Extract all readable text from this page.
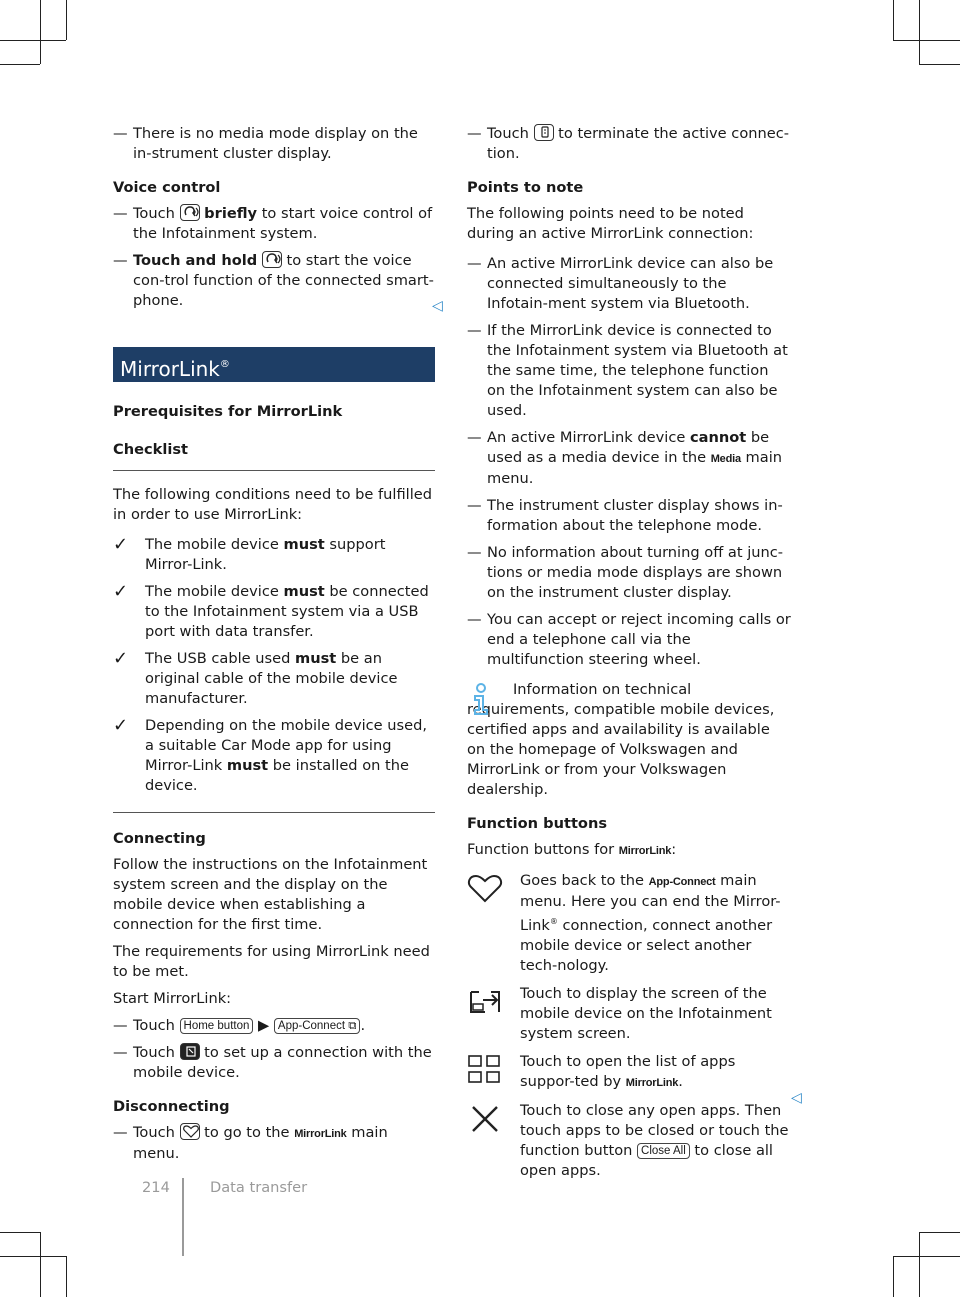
— There is no media mode display on the in-strument cluster display.

Voice control

— Touch briefly to start voice control of the Infotainment system.

— Touch and hold to start the voice con-trol function of the connected smart-phone.

MirrorLink®

Prerequisites for MirrorLink

Checklist

The following conditions need to be fulfilled in order to use MirrorLink:

✓ The mobile device must support Mirror-Link.

✓ The mobile device must be connected to the Infotainment system via a USB port with data transfer.

✓ The USB cable used must be an original cable of the mobile device manufacturer.

✓ Depending on the mobile device used, a suitable Car Mode app for using Mirror-Link must be installed on the device.

Connecting

Follow the instructions on the Infotainment system screen and the display on the mobile device when establishing a connection for the first time.

The requirements for using MirrorLink need to be met.

Start MirrorLink:

— Touch Home button ▶ App-Connect ⧉ .

— Touch to set up a connection with the mobile device.

Disconnecting

— Touch to go to the MirrorLink main menu.

◁

— Touch to terminate the active connec-tion.

Points to note

The following points need to be noted during an active MirrorLink connection:

— An active MirrorLink device can also be connected simultaneously to the Infotain-ment system via Bluetooth.

— If the MirrorLink device is connected to the Infotainment system via Bluetooth at the same time, the telephone function on the Infotainment system can also be used.

— An active MirrorLink device cannot be used as a media device in the Media main menu.

— The instrument cluster display shows in-formation about the telephone mode.

— No information about turning off at junc-tions or media mode displays are shown on the instrument cluster display.

— You can accept or reject incoming calls or end a telephone call via the multifunction steering wheel.

Information on technical requirements, compatible mobile devices, certified apps and availability is available on the homepage of Volkswagen and MirrorLink or from your Volkswagen dealership.

Function buttons

Function buttons for MirrorLink:

Goes back to the App-Connect main menu. Here you can end the Mirror-Link® connection, connect another mobile device or select another tech-nology.

Touch to display the screen of the mobile device on the Infotainment system screen.

Touch to open the list of apps suppor-ted by MirrorLink.

Touch to close any open apps. Then touch apps to be closed or touch the function button Close All to close all open apps.

◁
214	Data transfer
